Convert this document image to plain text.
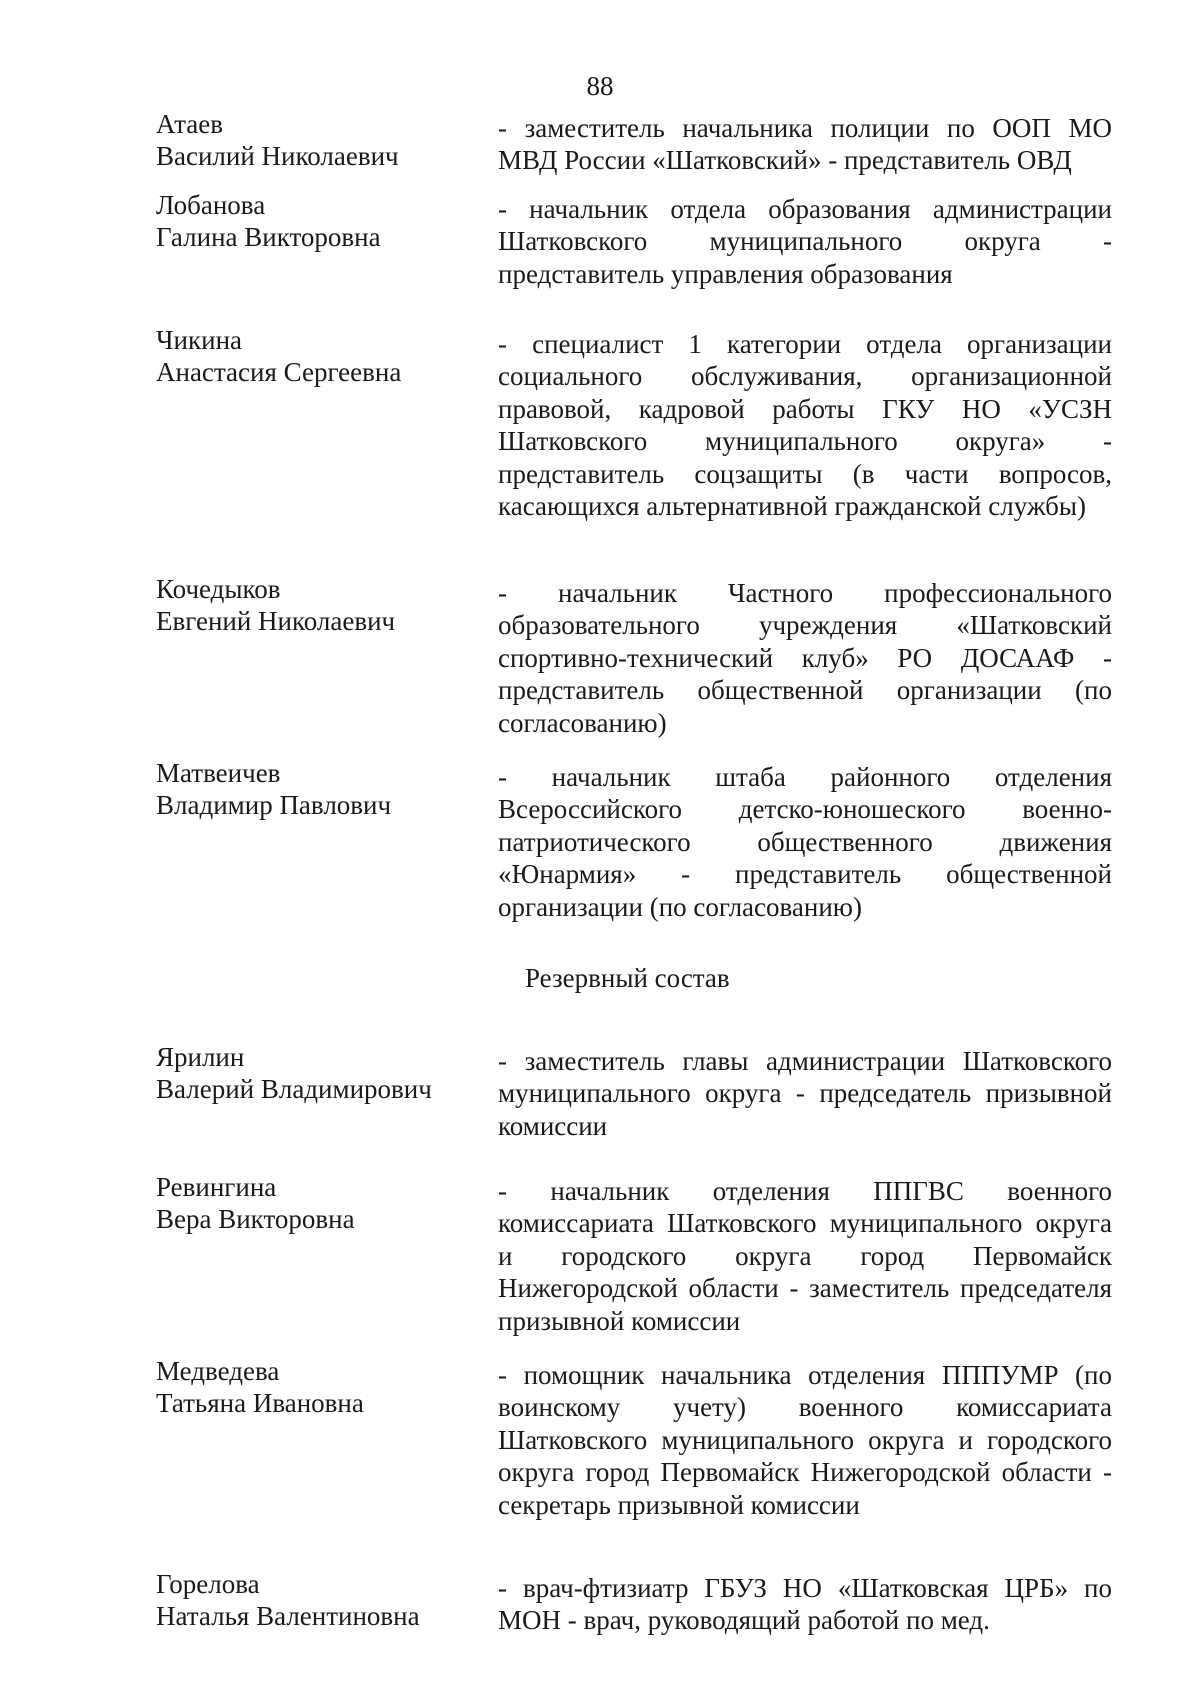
88
Атаев
Василий Николаевич
- заместитель начальника полиции по ООП МО МВД России «Шатковский» - представитель ОВД
Лобанова
Галина Викторовна
- начальник отдела образования администрации Шатковского муниципального округа - представитель управления образования
Чикина
Анастасия Сергеевна
- специалист 1 категории отдела организации социального обслуживания, организационной правовой, кадровой работы ГКУ НО «УСЗН Шатковского муниципального округа» - представитель соцзащиты (в части вопросов, касающихся альтернативной гражданской службы)
Кочедыков
Евгений Николаевич
- начальник Частного профессионального образовательного учреждения «Шатковский спортивно-технический клуб» РО ДОСААФ - представитель общественной организации (по согласованию)
Матвеичев
Владимир Павлович
- начальник штаба районного отделения Всероссийского детско-юношеского военно-патриотического общественного движения «Юнармия» - представитель общественной организации (по согласованию)
Резервный состав
Ярилин
Валерий Владимирович
- заместитель главы администрации Шатковского муниципального округа - председатель призывной комиссии
Ревингина
Вера Викторовна
- начальник отделения ППГВС военного комиссариата Шатковского муниципального округа и городского округа город Первомайск Нижегородской области - заместитель председателя призывной комиссии
Медведева
Татьяна Ивановна
- помощник начальника отделения ПППУМР (по воинскому учету) военного комиссариата Шатковского муниципального округа и городского округа город Первомайск Нижегородской области - секретарь призывной комиссии
Горелова
Наталья Валентиновна
- врач-фтизиатр ГБУЗ НО «Шатковская ЦРБ» по МОН - врач, руководящий работой по мед.
